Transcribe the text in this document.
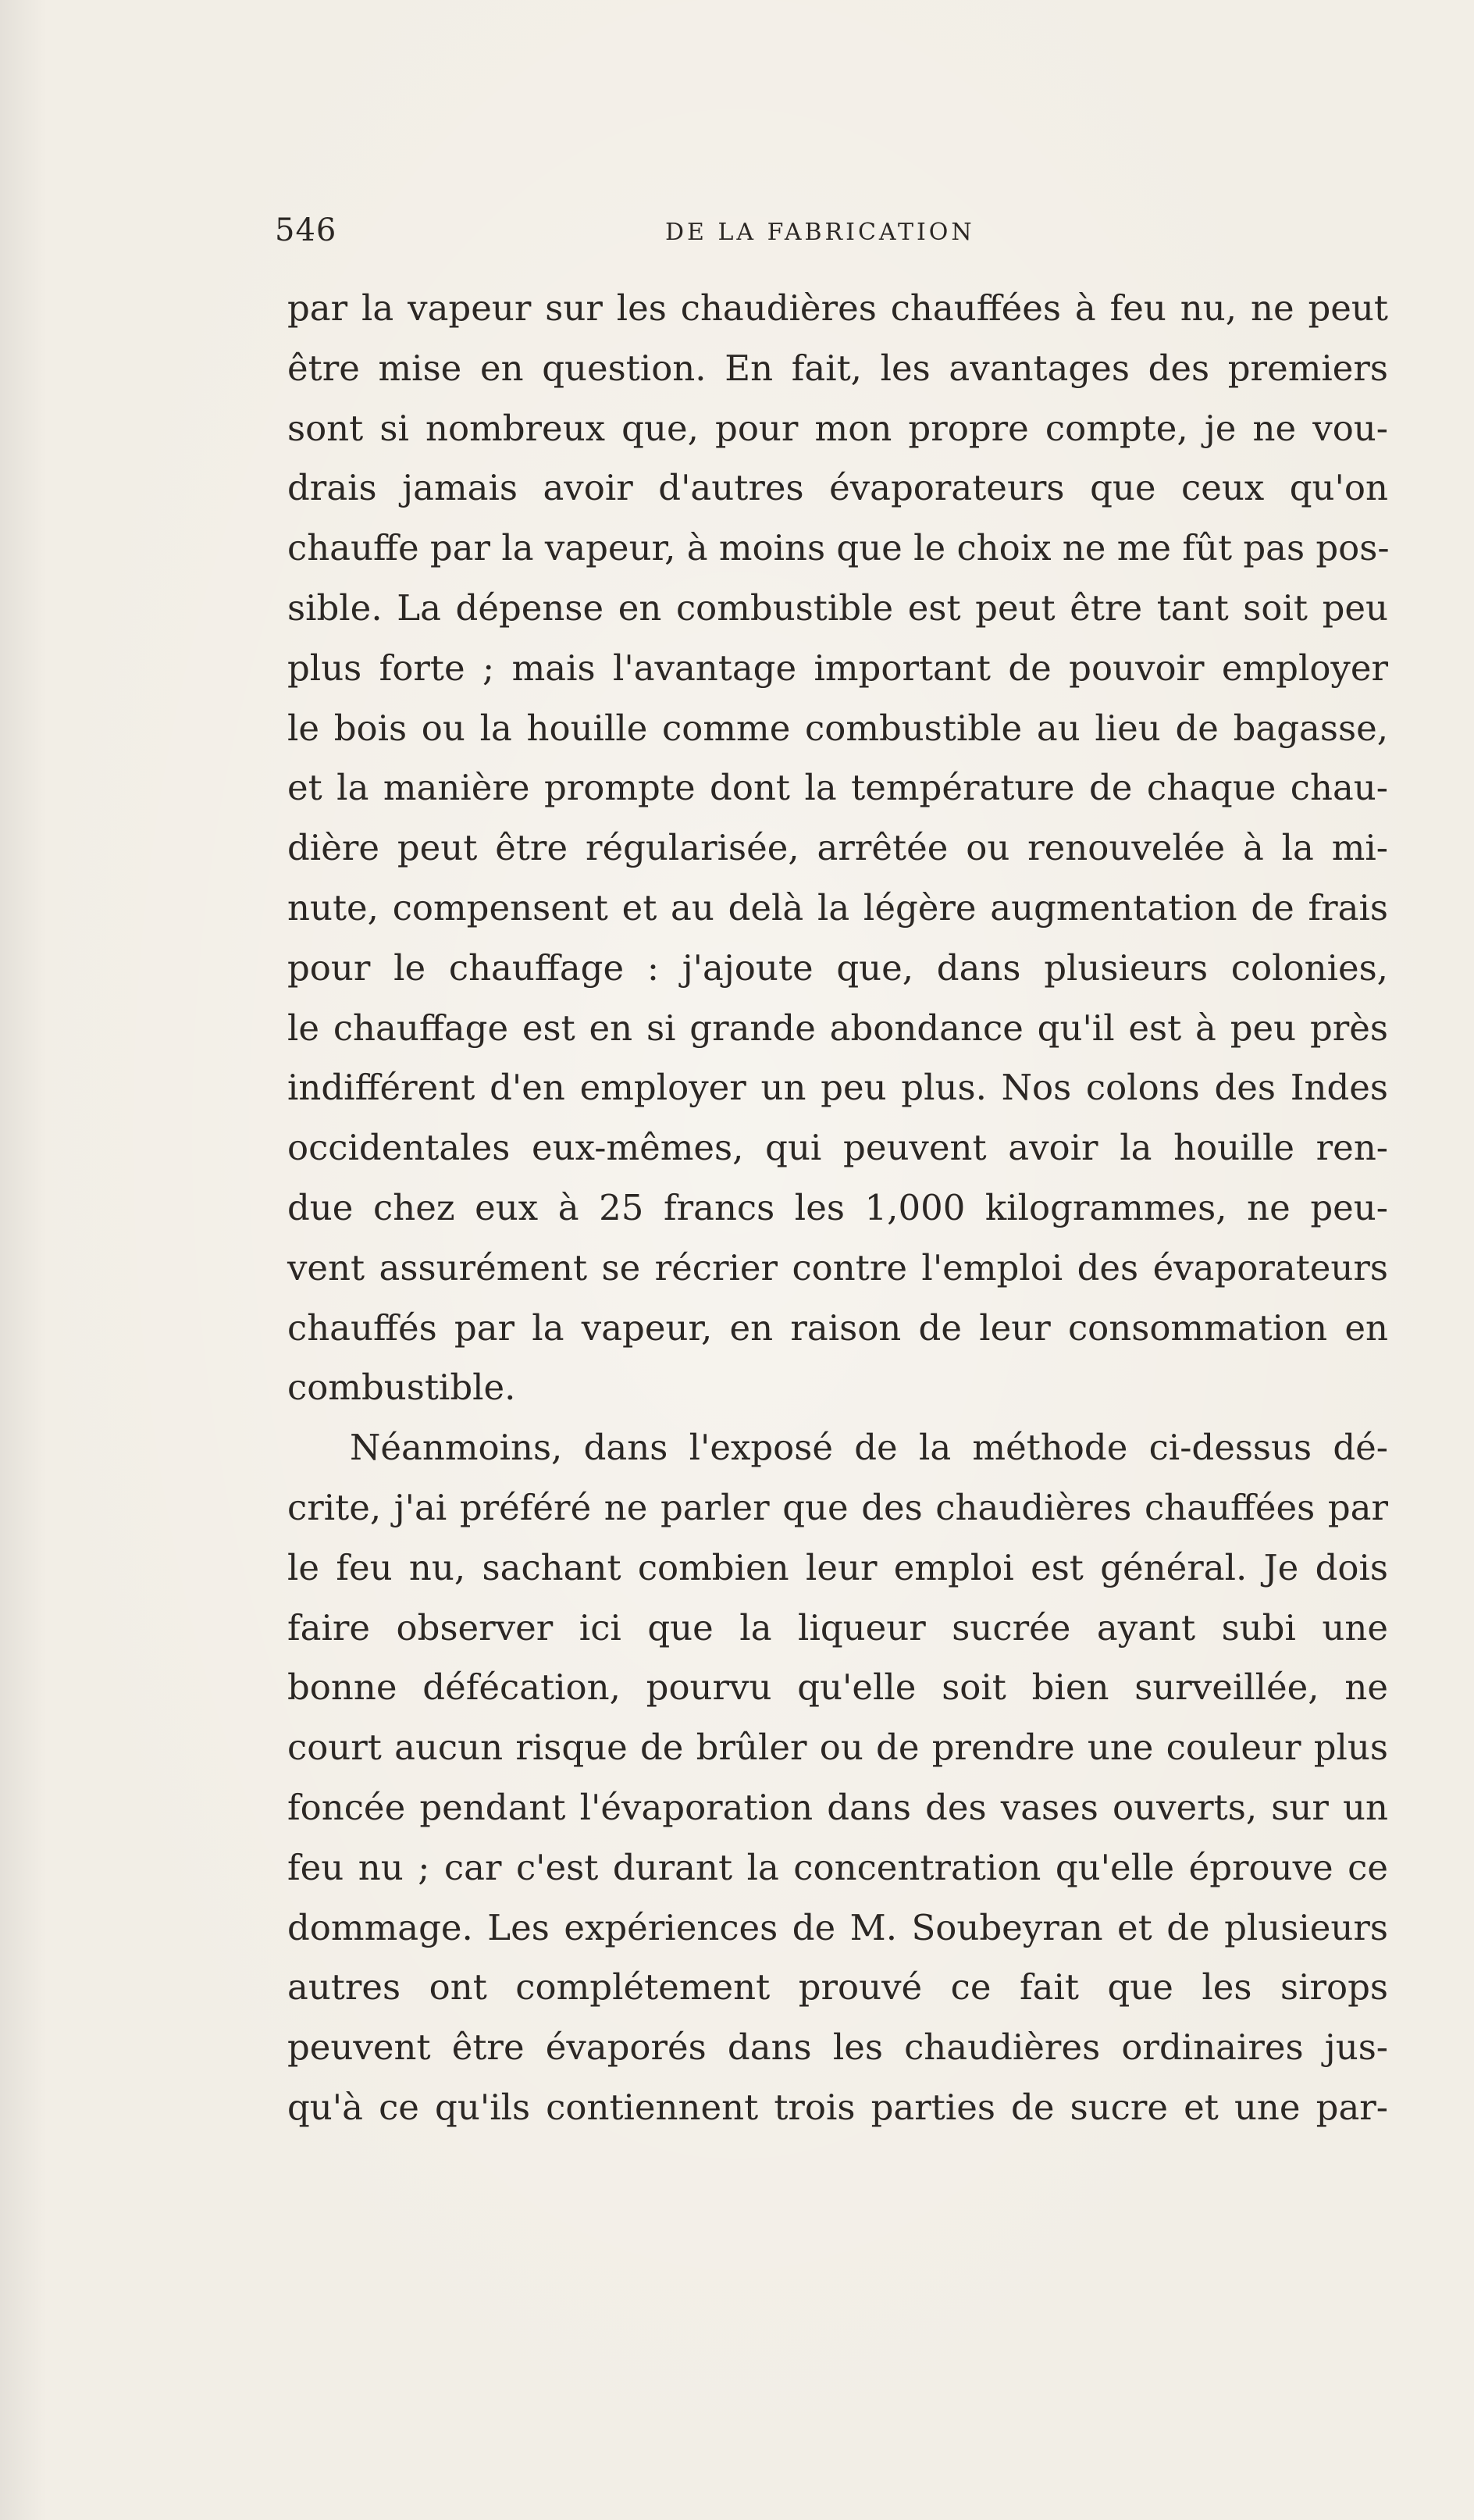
546	DE LA FABRICATION
par la vapeur sur les chaudières chauffées à feu nu, ne peut
être mise en question. En fait, les avantages des premiers
sont si nombreux que, pour mon propre compte, je ne vou-
drais jamais avoir d'autres évaporateurs que ceux qu'on
chauffe par la vapeur, à moins que le choix ne me fût pas pos-
sible. La dépense en combustible est peut être tant soit peu
plus forte ; mais l'avantage important de pouvoir employer
le bois ou la houille comme combustible au lieu de bagasse,
et la manière prompte dont la température de chaque chau-
dière peut être régularisée, arrêtée ou renouvelée à la mi-
nute, compensent et au delà la légère augmentation de frais
pour le chauffage : j'ajoute que, dans plusieurs colonies,
le chauffage est en si grande abondance qu'il est à peu près
indifférent d'en employer un peu plus. Nos colons des Indes
occidentales eux-mêmes, qui peuvent avoir la houille ren-
due chez eux à 25 francs les 1,000 kilogrammes, ne peu-
vent assurément se récrier contre l'emploi des évaporateurs
chauffés par la vapeur, en raison de leur consommation en
combustible.
Néanmoins, dans l'exposé de la méthode ci-dessus dé-
crite, j'ai préféré ne parler que des chaudières chauffées par
le feu nu, sachant combien leur emploi est général. Je dois
faire observer ici que la liqueur sucrée ayant subi une
bonne défécation, pourvu qu'elle soit bien surveillée, ne
court aucun risque de brûler ou de prendre une couleur plus
foncée pendant l'évaporation dans des vases ouverts, sur un
feu nu ; car c'est durant la concentration qu'elle éprouve ce
dommage. Les expériences de M. Soubeyran et de plusieurs
autres ont complétement prouvé ce fait que les sirops
peuvent être évaporés dans les chaudières ordinaires jus-
qu'à ce qu'ils contiennent trois parties de sucre et une par-
